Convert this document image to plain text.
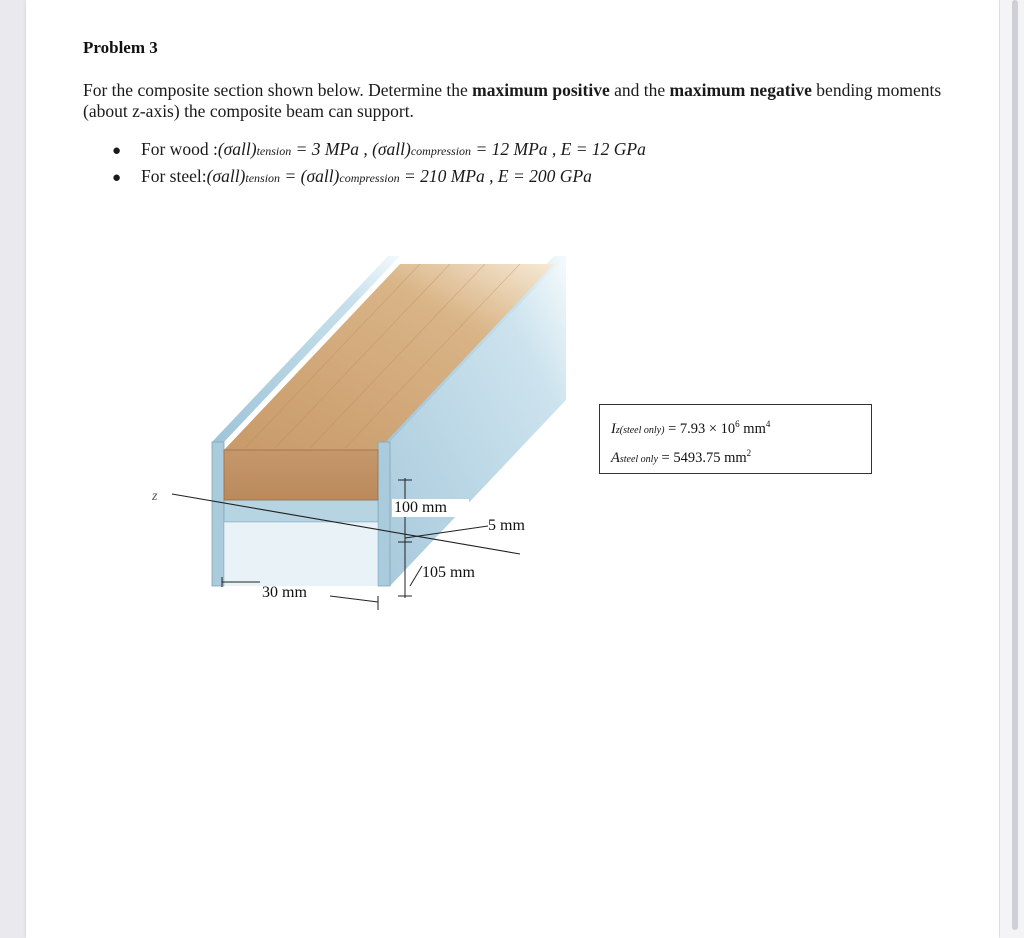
Problem 3
For the composite section shown below. Determine the maximum positive and the maximum negative bending moments (about z-axis) the composite beam can support.
●	For wood : (σall) tension
= 3 MPa ,
(σall) compression
= 12 MPa , E = 12 GPa
●	For steel: (σall) tension
=
(σall) compression
= 210 MPa , E = 200 GPa
z
100 mm
5 mm
105 mm
30 mm
Iz(steel only) = $7.93 \times 10^6$ $mm^4$
Asteel only = 5493.75 $mm^2$
